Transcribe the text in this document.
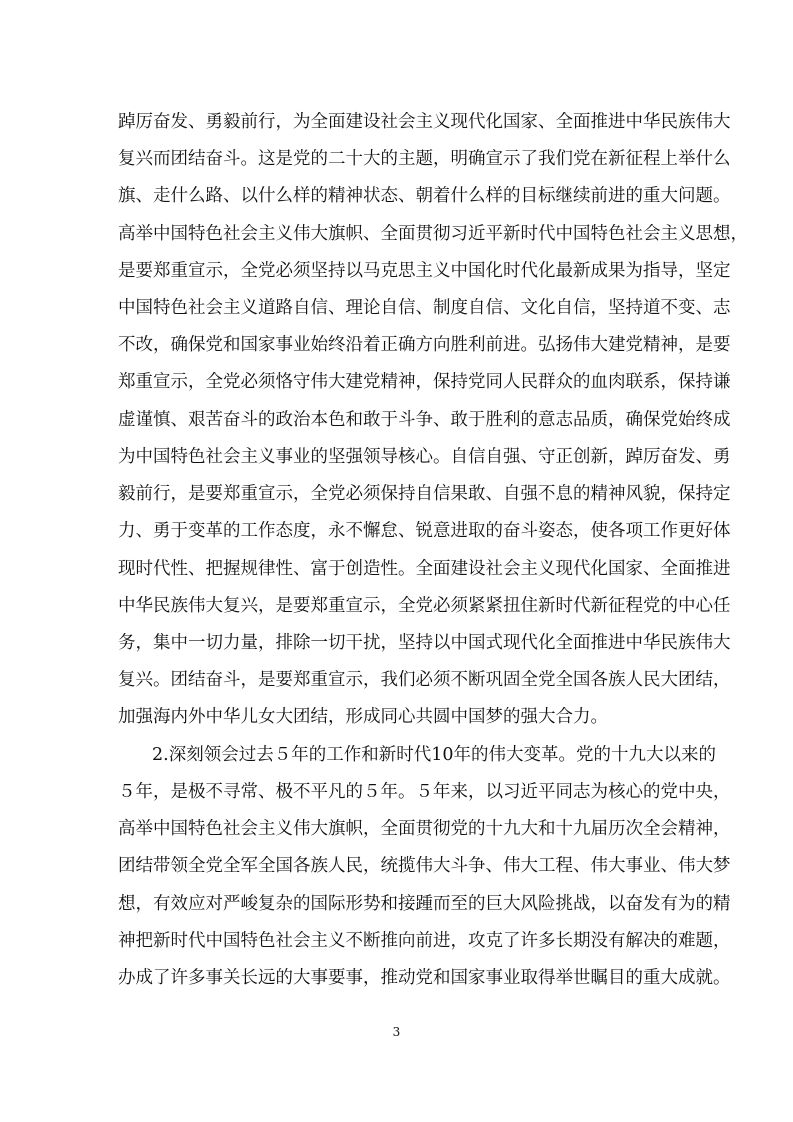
踔厉奋发、勇毅前行，为全面建设社会主义现代化国家、全面推进中华民族伟大
复兴而团结奋斗。这是党的二十大的主题，明确宣示了我们党在新征程上举什么
旗、走什么路、以什么样的精神状态、朝着什么样的目标继续前进的重大问题。
高举中国特色社会主义伟大旗帜、全面贯彻习近平新时代中国特色社会主义思想，
是要郑重宣示，全党必须坚持以马克思主义中国化时代化最新成果为指导，坚定
中国特色社会主义道路自信、理论自信、制度自信、文化自信，坚持道不变、志
不改，确保党和国家事业始终沿着正确方向胜利前进。弘扬伟大建党精神，是要
郑重宣示，全党必须恪守伟大建党精神，保持党同人民群众的血肉联系，保持谦
虚谨慎、艰苦奋斗的政治本色和敢于斗争、敢于胜利的意志品质，确保党始终成
为中国特色社会主义事业的坚强领导核心。自信自强、守正创新，踔厉奋发、勇
毅前行，是要郑重宣示，全党必须保持自信果敢、自强不息的精神风貌，保持定
力、勇于变革的工作态度，永不懈怠、锐意进取的奋斗姿态，使各项工作更好体
现时代性、把握规律性、富于创造性。全面建设社会主义现代化国家、全面推进
中华民族伟大复兴，是要郑重宣示，全党必须紧紧扭住新时代新征程党的中心任
务，集中一切力量，排除一切干扰，坚持以中国式现代化全面推进中华民族伟大
复兴。团结奋斗，是要郑重宣示，我们必须不断巩固全党全国各族人民大团结，
加强海内外中华儿女大团结，形成同心共圆中国梦的强大合力。
2.深刻领会过去５年的工作和新时代10年的伟大变革。党的十九大以来的
５年，是极不寻常、极不平凡的５年。５年来，以习近平同志为核心的党中央，
高举中国特色社会主义伟大旗帜，全面贯彻党的十九大和十九届历次全会精神，
团结带领全党全军全国各族人民，统揽伟大斗争、伟大工程、伟大事业、伟大梦
想，有效应对严峻复杂的国际形势和接踵而至的巨大风险挑战，以奋发有为的精
神把新时代中国特色社会主义不断推向前进，攻克了许多长期没有解决的难题，
办成了许多事关长远的大事要事，推动党和国家事业取得举世瞩目的重大成就。
3
